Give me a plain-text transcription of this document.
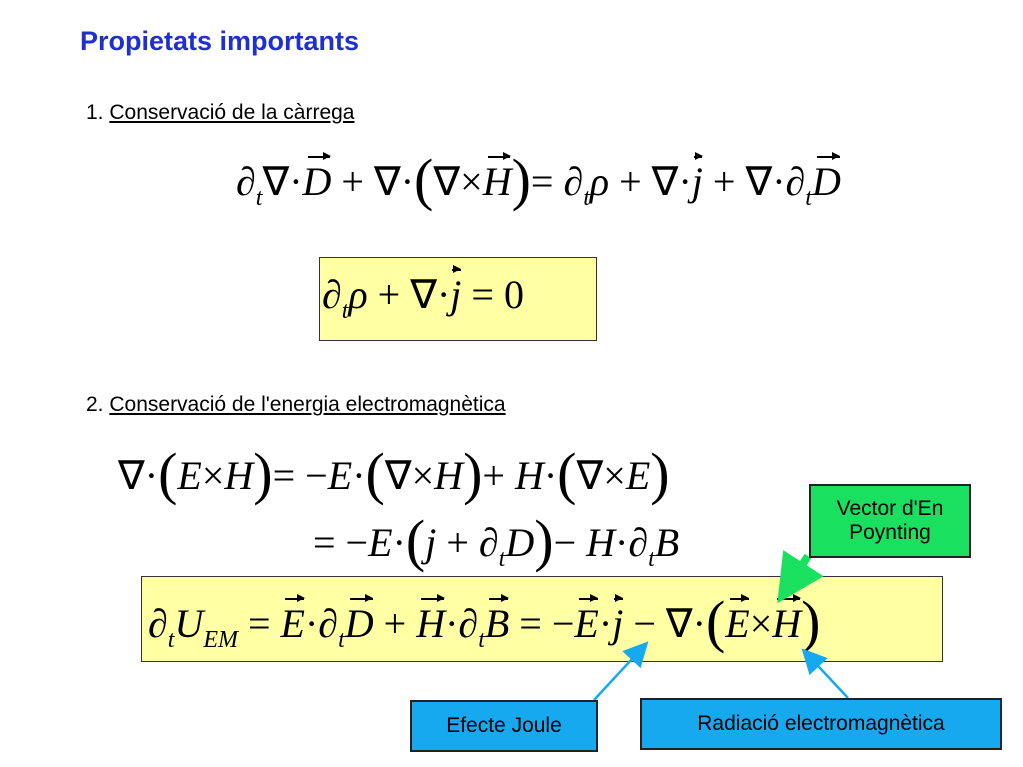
Propietats importants
1. Conservació de la càrrega
$\partial_t\nabla\cdot D + \nabla\cdot(\nabla\times H)= \partial_t\rho + \nabla\cdot j + \nabla\cdot\partial_tD$
$\partial_t\rho + \nabla\cdot j = 0$
2. Conservació de l'energia electromagnètica
∇·(E×H)= −E·(∇×H)+ H·(∇×E)
= $-E\cdot(j + \partial_tD)- H\cdot\partial_tB$
$\partial_tU_{EM} = E\cdot\partial_tD + H\cdot\partial_tB = -E\cdot j - \nabla\cdot(E\times H)$
Vector d'En Poynting
Efecte Joule	Radiació electromagnètica
